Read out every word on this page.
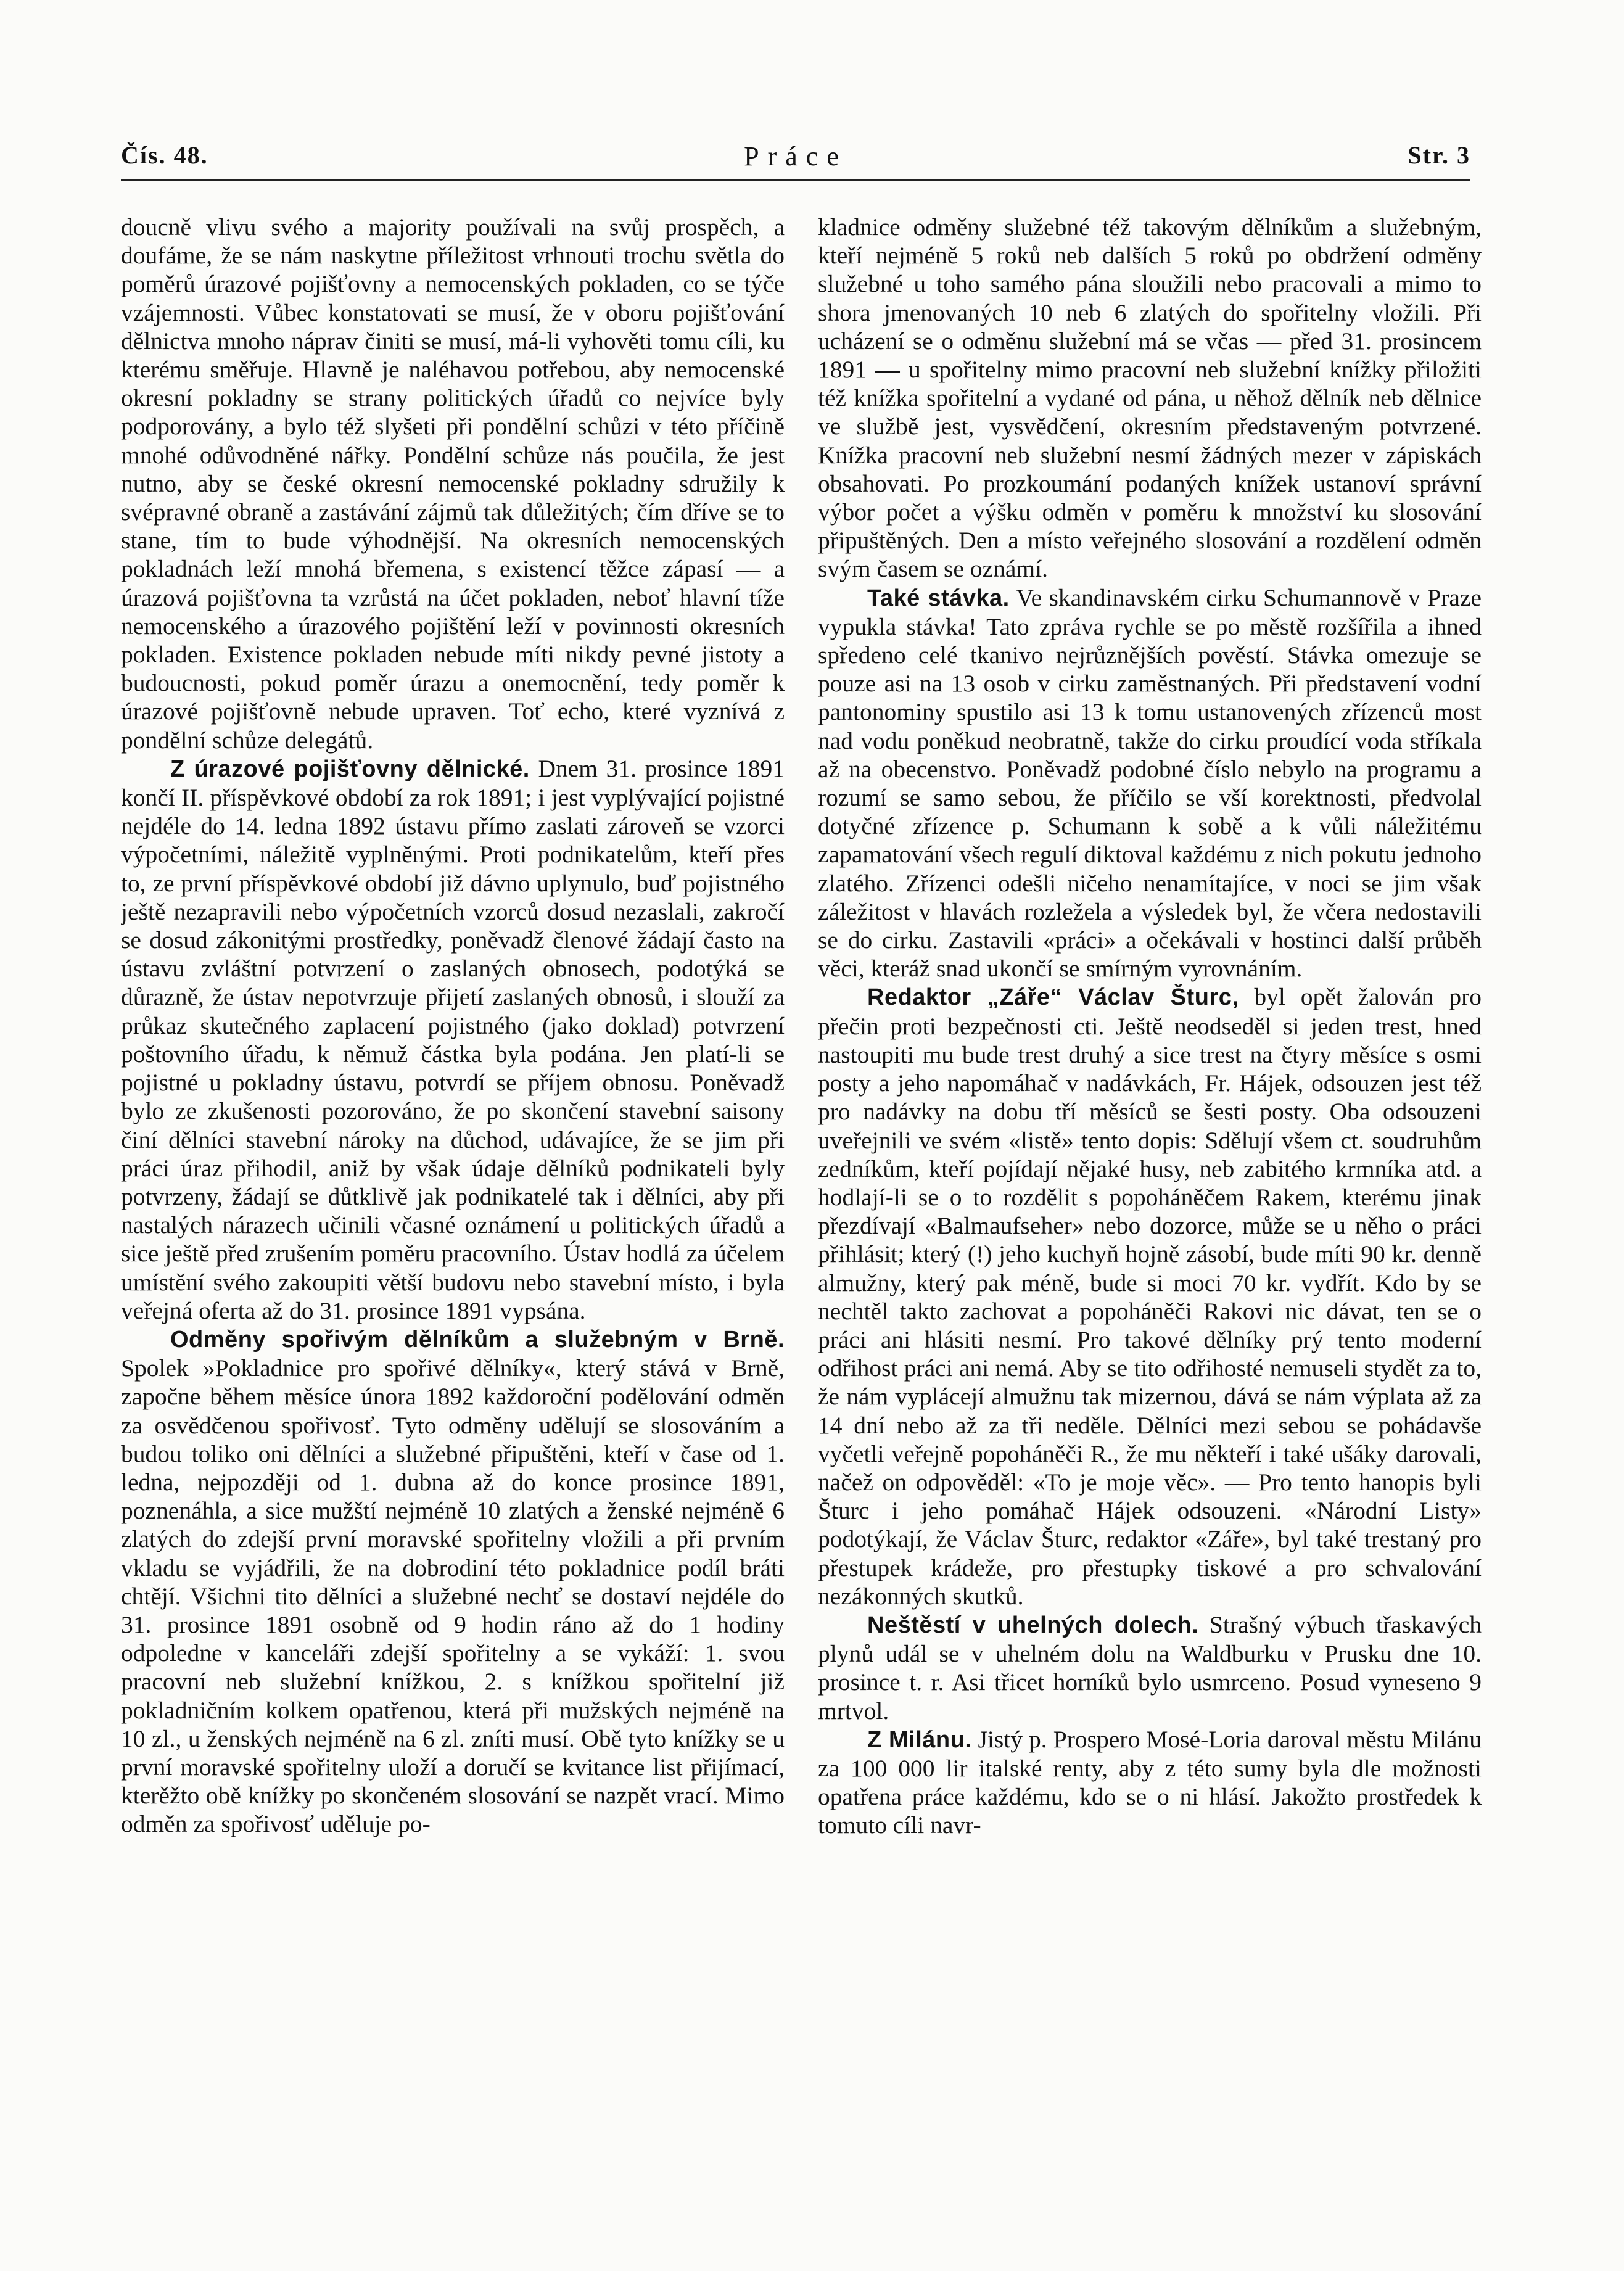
Čís. 48.	Práce	Str. 3

doucně vlivu svého a majority používali na svůj prospěch, a doufáme, že se nám naskytne příležitost vrhnouti trochu světla do poměrů úrazové pojišťovny a nemocenských pokladen, co se týče vzájemnosti. Vůbec konstatovati se musí, že v oboru pojišťování dělnictva mnoho náprav činiti se musí, má-li vyhověti tomu cíli, ku kterému směřuje. Hlavně je naléhavou potřebou, aby nemocenské okresní pokladny se strany politických úřadů co nejvíce byly podporovány, a bylo též slyšeti při pondělní schůzi v této příčině mnohé odůvodněné nářky. Pondělní schůze nás poučila, že jest nutno, aby se české okresní nemocenské pokladny sdružily k svépravné obraně a zastávání zájmů tak důležitých; čím dříve se to stane, tím to bude výhodnější. Na okresních nemocenských pokladnách leží mnohá břemena, s existencí těžce zápasí — a úrazová pojišťovna ta vzrůstá na účet pokladen, neboť hlavní tíže nemocenského a úrazového pojištění leží v povinnosti okresních pokladen. Existence pokladen nebude míti nikdy pevné jistoty a budoucnosti, pokud poměr úrazu a onemocnění, tedy poměr k úrazové pojišťovně nebude upraven. Toť echo, které vyznívá z pondělní schůze delegátů.

Z úrazové pojišťovny dělnické. Dnem 31. prosince 1891 končí II. příspěvkové období za rok 1891; i jest vyplývající pojistné nejdéle do 14. ledna 1892 ústavu přímo zaslati zároveň se vzorci výpočetními, náležitě vyplněnými. Proti podnikatelům, kteří přes to, ze první příspěvkové období již dávno uplynulo, buď pojistného ještě nezapravili nebo výpočetních vzorců dosud nezaslali, zakročí se dosud zákonitými prostředky, poněvadž členové žádají často na ústavu zvláštní potvrzení o zaslaných obnosech, podotýká se důrazně, že ústav nepotvrzuje přijetí zaslaných obnosů, i slouží za průkaz skutečného zaplacení pojistného (jako doklad) potvrzení poštovního úřadu, k němuž částka byla podána. Jen platí-li se pojistné u pokladny ústavu, potvrdí se příjem obnosu. Poněvadž bylo ze zkušenosti pozorováno, že po skončení stavební saisony činí dělníci stavební nároky na důchod, udávajíce, že se jim při práci úraz přihodil, aniž by však údaje dělníků podnikateli byly potvrzeny, žádají se důtklivě jak podnikatelé tak i dělníci, aby při nastalých nárazech učinili včasné oznámení u politických úřadů a sice ještě před zrušením poměru pracovního. Ústav hodlá za účelem umístění svého zakoupiti větší budovu nebo stavební místo, i byla veřejná oferta až do 31. prosince 1891 vypsána.

Odměny spořivým dělníkům a služebným v Brně. Spolek »Pokladnice pro spořivé dělníky«, který stává v Brně, započne během měsíce února 1892 každoroční podělování odměn za osvědčenou spořivosť. Tyto odměny udělují se slosováním a budou toliko oni dělníci a služebné připuštěni, kteří v čase od 1. ledna, nejpozději od 1. dubna až do konce prosince 1891, poznenáhla, a sice mužští nejméně 10 zlatých a ženské nejméně 6 zlatých do zdejší první moravské spořitelny vložili a při prvním vkladu se vyjádřili, že na dobrodiní této pokladnice podíl bráti chtějí. Všichni tito dělníci a služebné nechť se dostaví nejdéle do 31. prosince 1891 osobně od 9 hodin ráno až do 1 hodiny odpoledne v kanceláři zdejší spořitelny a se vykáží: 1. svou pracovní neb služební knížkou, 2. s knížkou spořitelní již pokladničním kolkem opatřenou, která při mužských nejméně na 10 zl., u ženských nejméně na 6 zl. zníti musí. Obě tyto knížky se u první moravské spořitelny uloží a doručí se kvitance list přijímací, kterěžto obě knížky po skončeném slosování se nazpět vrací. Mimo odměn za spořivosť uděluje po-

kladnice odměny služebné též takovým dělníkům a služebným, kteří nejméně 5 roků neb dalších 5 roků po obdržení odměny služebné u toho samého pána sloužili nebo pracovali a mimo to shora jmenovaných 10 neb 6 zlatých do spořitelny vložili. Při ucházení se o odměnu služební má se včas — před 31. prosincem 1891 — u spořitelny mimo pracovní neb služební knížky přiložiti též knížka spořitelní a vydané od pána, u něhož dělník neb dělnice ve službě jest, vysvědčení, okresním představeným potvrzené. Knížka pracovní neb služební nesmí žádných mezer v zápiskách obsahovati. Po prozkoumání podaných knížek ustanoví správní výbor počet a výšku odměn v poměru k množství ku slosování připuštěných. Den a místo veřejného slosování a rozdělení odměn svým časem se oznámí.

Také stávka. Ve skandinavském cirku Schumannově v Praze vypukla stávka! Tato zpráva rychle se po městě rozšířila a ihned spředeno celé tkanivo nejrůznějších pověstí. Stávka omezuje se pouze asi na 13 osob v cirku zaměstnaných. Při představení vodní pantonominy spustilo asi 13 k tomu ustanovených zřízenců most nad vodu poněkud neobratně, takže do cirku proudící voda stříkala až na obecenstvo. Poněvadž podobné číslo nebylo na programu a rozumí se samo sebou, že příčilo se vší korektnosti, předvolal dotyčné zřízence p. Schumann k sobě a k vůli náležitému zapamatování všech regulí diktoval každému z nich pokutu jednoho zlatého. Zřízenci odešli ničeho nenamítajíce, v noci se jim však záležitost v hlavách rozležela a výsledek byl, že včera nedostavili se do cirku. Zastavili «práci» a očekávali v hostinci další průběh věci, kteráž snad ukončí se smírným vyrovnáním.

Redaktor „Záře“ Václav Šturc, byl opět žalován pro přečin proti bezpečnosti cti. Ještě neodseděl si jeden trest, hned nastoupiti mu bude trest druhý a sice trest na čtyry měsíce s osmi posty a jeho napomáhač v nadávkách, Fr. Hájek, odsouzen jest též pro nadávky na dobu tří měsíců se šesti posty. Oba odsouzeni uveřejnili ve svém «listě» tento dopis: Sdělují všem ct. soudruhům zedníkům, kteří pojídají nějaké husy, neb zabitého krmníka atd. a hodlají-li se o to rozdělit s popoháněčem Rakem, kterému jinak přezdívají «Balmaufseher» nebo dozorce, může se u něho o práci přihlásit; který (!) jeho kuchyň hojně zásobí, bude míti 90 kr. denně almužny, který pak méně, bude si moci 70 kr. vydřít. Kdo by se nechtěl takto zachovat a popoháněči Rakovi nic dávat, ten se o práci ani hlásiti nesmí. Pro takové dělníky prý tento moderní odřihost práci ani nemá. Aby se tito odřihosté nemuseli stydět za to, že nám vyplácejí almužnu tak mizernou, dává se nám výplata až za 14 dní nebo až za tři neděle. Dělníci mezi sebou se pohádavše vyčetli veřejně popoháněči R., že mu někteří i také ušáky darovali, načež on odpověděl: «To je moje věc». — Pro tento hanopis byli Šturc i jeho pomáhač Hájek odsouzeni. «Národní Listy» podotýkají, že Václav Šturc, redaktor «Záře», byl také trestaný pro přestupek krádeže, pro přestupky tiskové a pro schvalování nezákonných skutků.

Neštěstí v uhelných dolech. Strašný výbuch třaskavých plynů udál se v uhelném dolu na Waldburku v Prusku dne 10. prosince t. r. Asi třicet horníků bylo usmrceno. Posud vyneseno 9 mrtvol.

Z Milánu. Jistý p. Prospero Mosé-Loria daroval městu Milánu za 100 000 lir italské renty, aby z této sumy byla dle možnosti opatřena práce každému, kdo se o ni hlásí. Jakožto prostředek k tomuto cíli navr-
